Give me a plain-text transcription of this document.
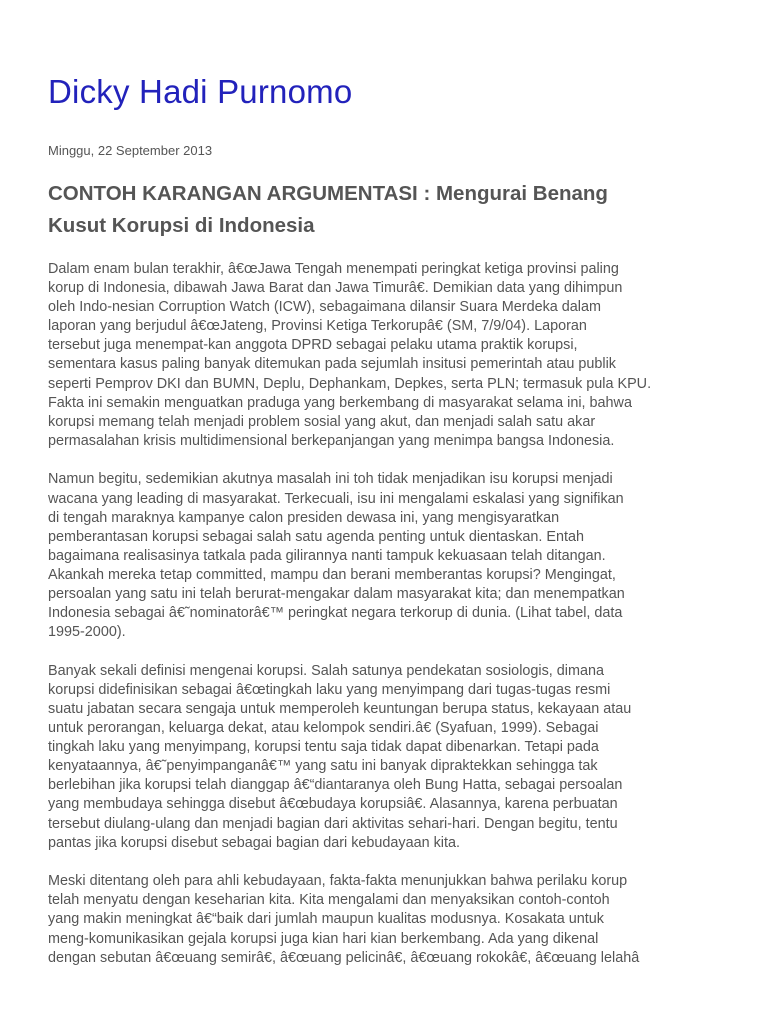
Dicky Hadi Purnomo
Minggu, 22 September 2013
CONTOH KARANGAN ARGUMENTASI : Mengurai Benang
Kusut Korupsi di Indonesia

Dalam enam bulan terakhir, â€œJawa Tengah menempati peringkat ketiga provinsi paling
korup di Indonesia, dibawah Jawa Barat dan Jawa Timurâ€. Demikian data yang dihimpun
oleh Indo-nesian Corruption Watch (ICW), sebagaimana dilansir Suara Merdeka dalam
laporan yang berjudul â€œJateng, Provinsi Ketiga Terkorupâ€ (SM, 7/9/04). Laporan
tersebut juga menempat-kan anggota DPRD sebagai pelaku utama praktik korupsi,
sementara kasus paling banyak ditemukan pada sejumlah insitusi pemerintah atau publik
seperti Pemprov DKI dan BUMN, Deplu, Dephankam, Depkes, serta PLN; termasuk pula KPU.
Fakta ini semakin menguatkan praduga yang berkembang di masyarakat selama ini, bahwa
korupsi memang telah menjadi problem sosial yang akut, dan menjadi salah satu akar
permasalahan krisis multidimensional berkepanjangan yang menimpa bangsa Indonesia.

Namun begitu, sedemikian akutnya masalah ini toh tidak menjadikan isu korupsi menjadi
wacana yang leading di masyarakat. Terkecuali, isu ini mengalami eskalasi yang signifikan
di tengah maraknya kampanye calon presiden dewasa ini, yang mengisyaratkan
pemberantasan korupsi sebagai salah satu agenda penting untuk dientaskan. Entah
bagaimana realisasinya tatkala pada gilirannya nanti tampuk kekuasaan telah ditangan.
Akankah mereka tetap committed, mampu dan berani memberantas korupsi? Mengingat,
persoalan yang satu ini telah berurat-mengakar dalam masyarakat kita; dan menempatkan
Indonesia sebagai â€˜nominatorâ€™ peringkat negara terkorup di dunia. (Lihat tabel, data
1995-2000).

Banyak sekali definisi mengenai korupsi. Salah satunya pendekatan sosiologis, dimana
korupsi didefinisikan sebagai â€œtingkah laku yang menyimpang dari tugas-tugas resmi
suatu jabatan secara sengaja untuk memperoleh keuntungan berupa status, kekayaan atau
untuk perorangan, keluarga dekat, atau kelompok sendiri.â€ (Syafuan, 1999). Sebagai
tingkah laku yang menyimpang, korupsi tentu saja tidak dapat dibenarkan. Tetapi pada
kenyataannya, â€˜penyimpanganâ€™ yang satu ini banyak dipraktekkan sehingga tak
berlebihan jika korupsi telah dianggap â€“diantaranya oleh Bung Hatta, sebagai persoalan
yang membudaya sehingga disebut â€œbudaya korupsiâ€. Alasannya, karena perbuatan
tersebut diulang-ulang dan menjadi bagian dari aktivitas sehari-hari. Dengan begitu, tentu
pantas jika korupsi disebut sebagai bagian dari kebudayaan kita.

Meski ditentang oleh para ahli kebudayaan, fakta-fakta menunjukkan bahwa perilaku korup
telah menyatu dengan keseharian kita. Kita mengalami dan menyaksikan contoh-contoh
yang makin meningkat â€“baik dari jumlah maupun kualitas modusnya. Kosakata untuk
meng-komunikasikan gejala korupsi juga kian hari kian berkembang. Ada yang dikenal
dengan sebutan â€œuang semirâ€, â€œuang pelicinâ€, â€œuang rokokâ€, â€œuang lelahâ
